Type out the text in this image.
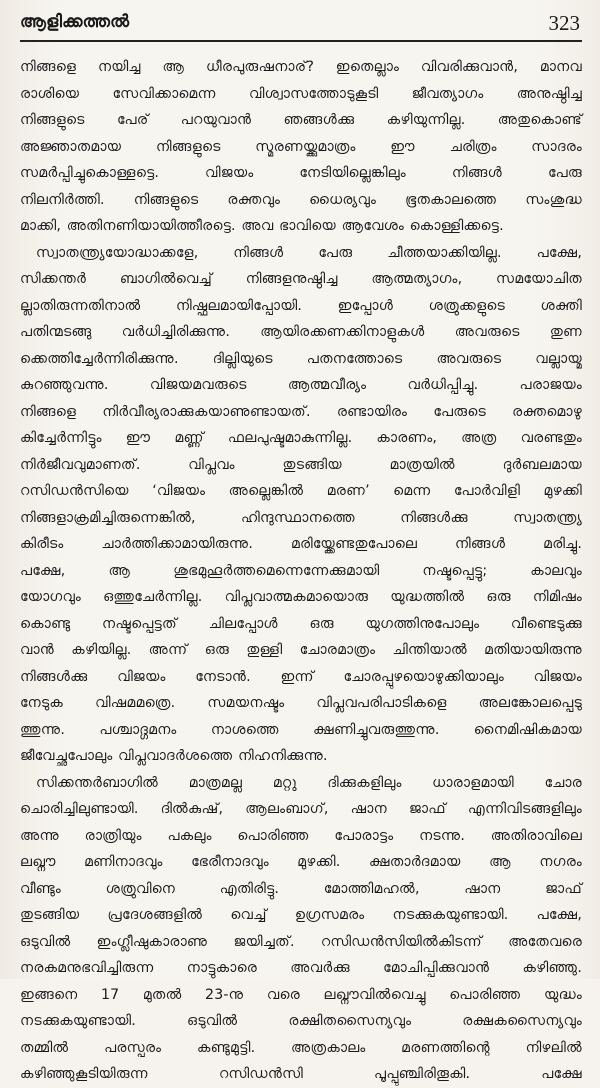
ആളിക്കത്തൽ	323
നിങ്ങളെ നയിച്ച ആ ധീരപുരുഷനാര്? ഇതെല്ലാം വിവരിക്കുവാൻ, മാനവ
രാശിയെ സേവിക്കാമെന്ന വിശ്വാസത്തോടുകൂടി ജീവത്യാഗം അനുഷ്ഠിച്ച
നിങ്ങളുടെ പേര് പറയുവാൻ ഞങ്ങൾക്കു കഴിയുന്നില്ല. അതുകൊണ്ട്
അജ്ഞാതമായ നിങ്ങളുടെ സ്മരണയ്ക്കുമാത്രം ഈ ചരിത്രം സാദരം
സമർപ്പിച്ചുകൊള്ളട്ടെ. വിജയം നേടിയില്ലെങ്കിലും നിങ്ങൾ പേരു
നിലനിർത്തി. നിങ്ങളുടെ രക്തവും ധൈര്യവും ഭൂതകാലത്തെ സംശുദ്ധ
മാക്കി, അതിനണിയായിത്തീരട്ടെ. അവ ഭാവിയെ ആവേശം കൊള്ളിക്കട്ടെ.
സ്വാതന്ത്ര്യയോദ്ധാക്കളേ, നിങ്ങൾ പേരു ചീത്തയാക്കിയില്ല. പക്ഷേ,
സിക്കന്തർ ബാഗിൽവെച്ച് നിങ്ങളനുഷ്ഠിച്ച ആത്മത്യാഗം, സമയോചിത
ല്ലാതിരുന്നതിനാൽ നിഷ്ഫലമായിപ്പോയി. ഇപ്പോൾ ശത്രുക്കളുടെ ശക്തി
പതിന്മടങ്ങു വർധിച്ചിരിക്കുന്നു. ആയിരക്കണക്കിനാളുകൾ അവരുടെ തുണ
ക്കെത്തിച്ചേർന്നിരിക്കുന്നു. ദില്ലിയുടെ പതനത്തോടെ അവരുടെ വല്ലായ്മ
കുറഞ്ഞുവന്നു. വിജയമവരുടെ ആത്മവീര്യം വർധിപ്പിച്ചു. പരാജയം
നിങ്ങളെ നിർവീര്യരാക്കുകയാണുണ്ടായത്. രണ്ടായിരം പേരുടെ രക്തമൊഴു
കിച്ചേർന്നിട്ടും ഈ മണ്ണ് ഫലപുഷ്ടമാകുന്നില്ല. കാരണം, അത്ര വരണ്ടതും
നിർജീവവുമാണത്. വിപ്ലവം തുടങ്ങിയ മാത്രയിൽ ദുർബലമായ
റസിഡൻസിയെ ‘വിജയം അല്ലെങ്കിൽ മരണ’ മെന്ന പോർവിളി മുഴക്കി
നിങ്ങളാക്രമിച്ചിരുന്നെങ്കിൽ, ഹിന്ദുസ്ഥാനത്തെ നിങ്ങൾക്കു സ്വാതന്ത്ര്യ
കിരീടം ചാർത്തിക്കാമായിരുന്നു. മരിയ്ക്കേണ്ടതുപോലെ നിങ്ങൾ മരിച്ചു.
പക്ഷേ, ആ ശുഭമുഹൂർത്തമെന്നെന്നേക്കുമായി നഷ്ടപ്പെട്ടു; കാലവും
യോഗവും ഒത്തുചേർന്നില്ല. വിപ്ലവാത്മകമായൊരു യുദ്ധത്തിൽ ഒരു നിമിഷം
കൊണ്ടു നഷ്ടപ്പെട്ടത് ചിലപ്പോൾ ഒരു യുഗത്തിനുപോലും വീണ്ടെടുക്കു
വാൻ കഴിയില്ല. അന്ന് ഒരു തുള്ളി ചോരമാത്രം ചിന്തിയാൽ മതിയായിരുന്നു
നിങ്ങൾക്കു വിജയം നേടാൻ. ഇന്ന് ചോരപ്പുഴയൊഴുക്കിയാലും വിജയം
നേടുക വിഷമമത്രെ. സമയനഷ്ടം വിപ്ലവപരിപാടികളെ അലങ്കോലപ്പെടു
ത്തുന്നു. പശ്ചാദ്ഗമനം നാശത്തെ ക്ഷണിച്ചുവരുത്തുന്നു. നൈമിഷികമായ
ജീവേച്ഛപോലും വിപ്ലവാദർശത്തെ നിഹനിക്കുന്നു.
സിക്കന്തർബാഗിൽ മാത്രമല്ല മറ്റു ദിക്കുകളിലും ധാരാളമായി ചോര
ചൊരിച്ചിലുണ്ടായി. ദിൽകുഷ്, ആലംബാഗ്, ഷാന ജാഫ് എന്നിവിടങ്ങളിലും
അന്നു രാത്രിയും പകലും പൊരിഞ്ഞ പോരാട്ടം നടന്നു. അതിരാവിലെ
ലഖ്നൗ മണിനാദവും ഭേരീനാദവും മുഴക്കി. ക്ഷതാർദമായ ആ നഗരം
വീണ്ടും ശത്രുവിനെ എതിരിട്ടു. മോത്തിമഹൽ, ഷാന ജാഫ്
തുടങ്ങിയ പ്രദേശങ്ങളിൽ വെച്ച് ഉഗ്രസമരം നടക്കുകയുണ്ടായി. പക്ഷേ,
ഒടുവിൽ ഇംഗ്ലീഷുകാരാണു ജയിച്ചത്. റസിഡൻസിയിൽകിടന്ന് അതേവരെ
നരകമനുഭവിച്ചിരുന്ന നാട്ടുകാരെ അവർക്കു മോചിപ്പിക്കുവാൻ കഴിഞ്ഞു.
ഇങ്ങനെ 17 മുതൽ 23-നു വരെ ലഖ്നൗവിൽവെച്ചു പൊരിഞ്ഞ യുദ്ധം
നടക്കുകയുണ്ടായി. ഒടുവിൽ രക്ഷിതസൈന്യവും രക്ഷകസൈന്യവും
തമ്മിൽ പരസ്പരം കണ്ടുമുട്ടി. അത്രകാലം മരണത്തിന്റെ നിഴലിൽ
കഴിഞ്ഞുകൂടിയിരുന്ന റസിഡൻസി പൂപ്പുഞ്ചിരിതൂകി. പക്ഷേ
